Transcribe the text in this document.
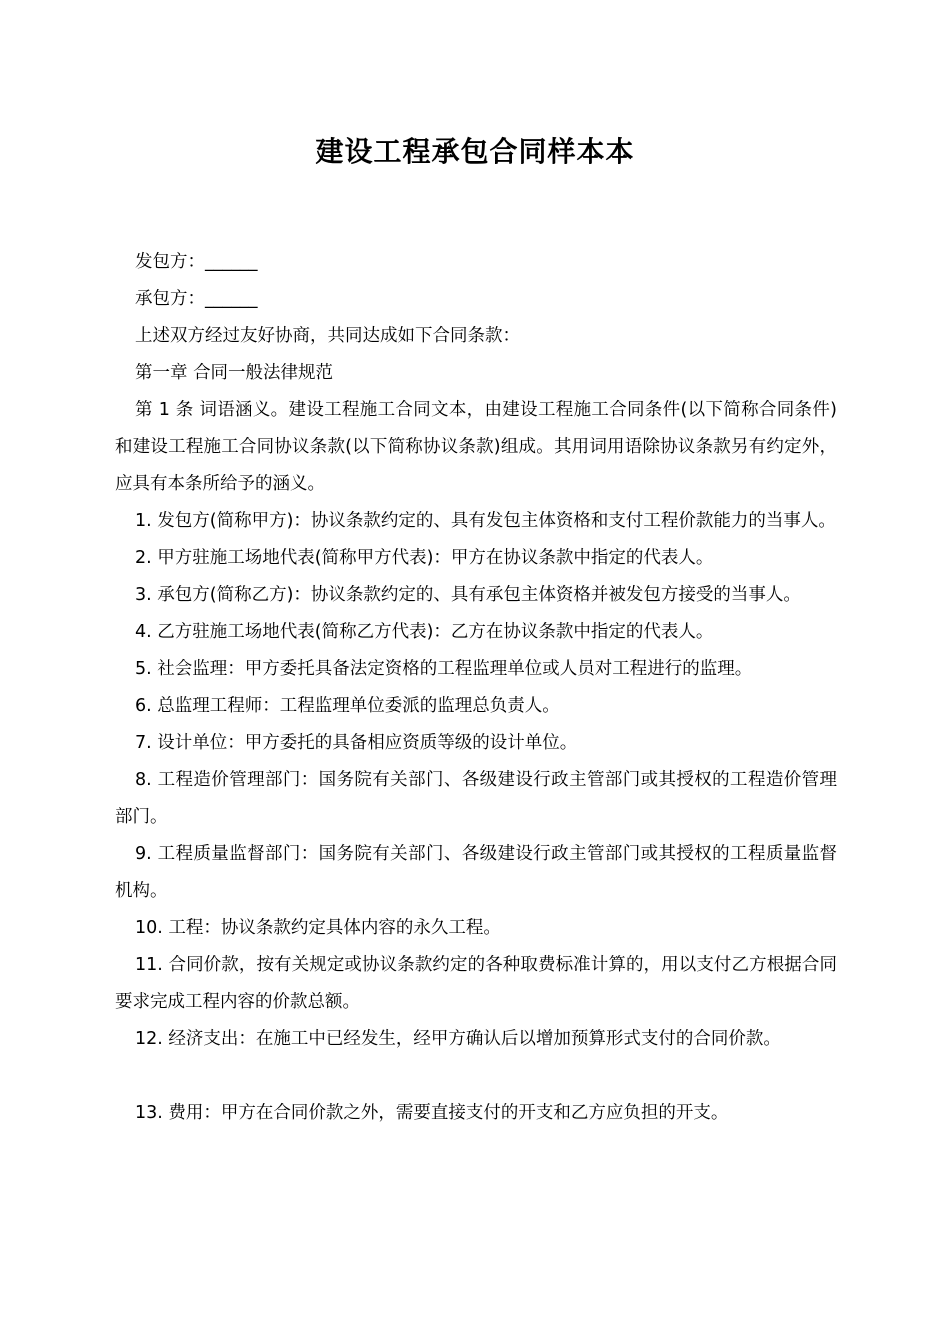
建设工程承包合同样本本

发包方：______

承包方：______

上述双方经过友好协商，共同达成如下合同条款：

第一章 合同一般法律规范

第 1 条 词语涵义。建设工程施工合同文本，由建设工程施工合同条件(以下简称合同条件)和建设工程施工合同协议条款(以下简称协议条款)组成。其用词用语除协议条款另有约定外，应具有本条所给予的涵义。

1. 发包方(简称甲方)：协议条款约定的、具有发包主体资格和支付工程价款能力的当事人。

2. 甲方驻施工场地代表(简称甲方代表)：甲方在协议条款中指定的代表人。

3. 承包方(简称乙方)：协议条款约定的、具有承包主体资格并被发包方接受的当事人。

4. 乙方驻施工场地代表(简称乙方代表)：乙方在协议条款中指定的代表人。

5. 社会监理：甲方委托具备法定资格的工程监理单位或人员对工程进行的监理。

6. 总监理工程师：工程监理单位委派的监理总负责人。

7. 设计单位：甲方委托的具备相应资质等级的设计单位。

8. 工程造价管理部门：国务院有关部门、各级建设行政主管部门或其授权的工程造价管理部门。

9. 工程质量监督部门：国务院有关部门、各级建设行政主管部门或其授权的工程质量监督机构。

10. 工程：协议条款约定具体内容的永久工程。

11. 合同价款，按有关规定或协议条款约定的各种取费标准计算的，用以支付乙方根据合同要求完成工程内容的价款总额。

12. 经济支出：在施工中已经发生，经甲方确认后以增加预算形式支付的合同价款。

13. 费用：甲方在合同价款之外，需要直接支付的开支和乙方应负担的开支。
